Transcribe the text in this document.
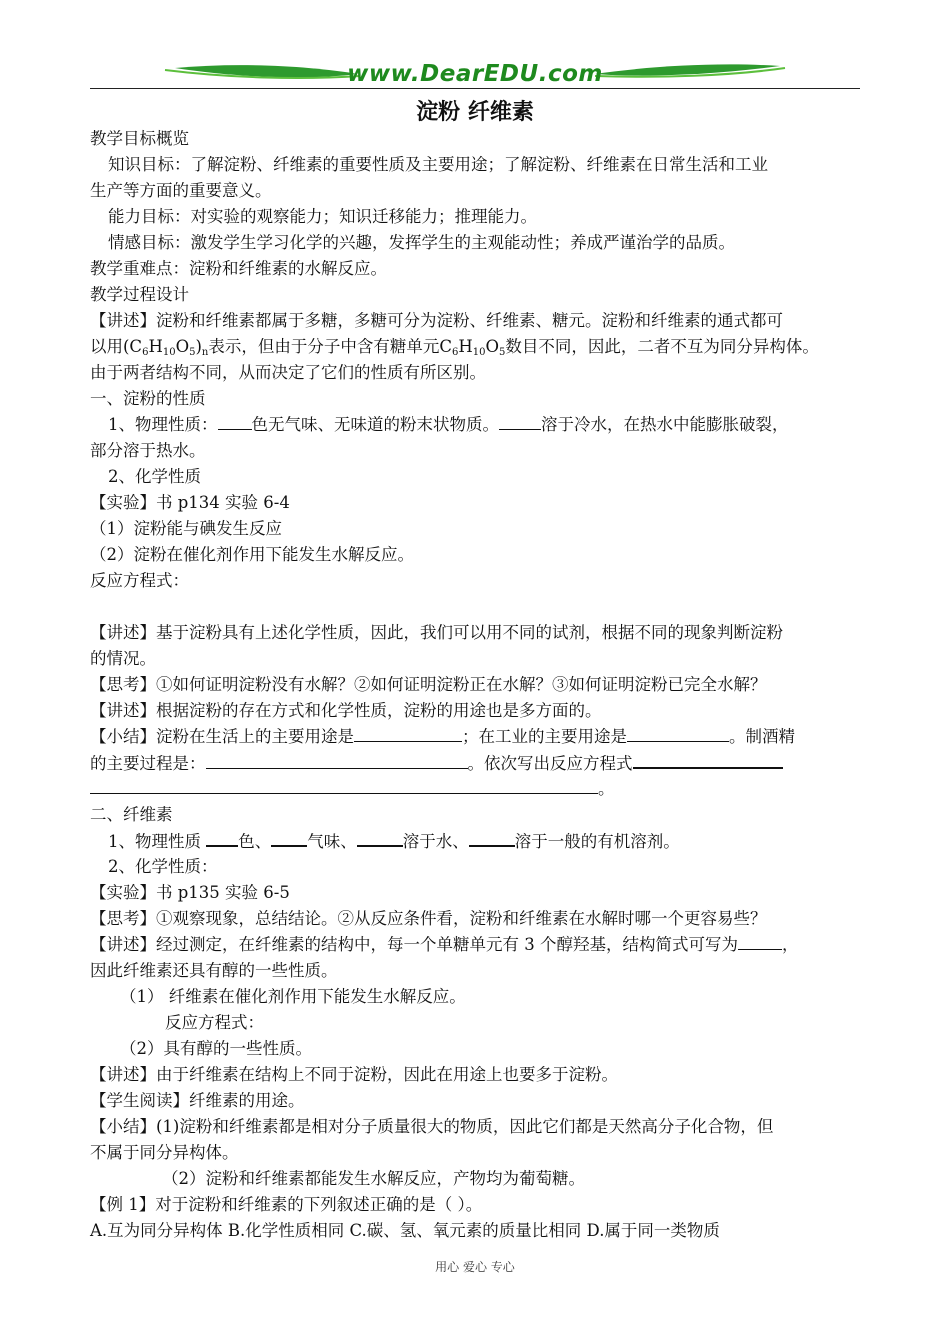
www.DearEDU.com
淀粉 纤维素
教学目标概览
知识目标：了解淀粉、纤维素的重要性质及主要用途；了解淀粉、纤维素在日常生活和工业
生产等方面的重要意义。
能力目标：对实验的观察能力；知识迁移能力；推理能力。
情感目标：激发学生学习化学的兴趣，发挥学生的主观能动性；养成严谨治学的品质。
教学重难点：淀粉和纤维素的水解反应。
教学过程设计
【讲述】淀粉和纤维素都属于多糖，多糖可分为淀粉、纤维素、糖元。淀粉和纤维素的通式都可
以用$(C_6H_{10}O_5)_n$表示，但由于分子中含有糖单元$C_6H_{10}O_5$数目不同，因此，二者不互为同分异构体。
由于两者结构不同，从而决定了它们的性质有所区别。
一、淀粉的性质
1、物理性质： 色无气味、无味道的粉末状物质。	溶于冷水，在热水中能膨胀破裂，
部分溶于热水。
2、化学性质
【实验】书 p134 实验 6-4
（1）淀粉能与碘发生反应
（2）淀粉在催化剂作用下能发生水解反应。
反应方程式：
【讲述】基于淀粉具有上述化学性质，因此，我们可以用不同的试剂，根据不同的现象判断淀粉
的情况。
【思考】①如何证明淀粉没有水解？②如何证明淀粉正在水解？③如何证明淀粉已完全水解？
【讲述】根据淀粉的存在方式和化学性质，淀粉的用途也是多方面的。
【小结】淀粉在生活上的主要用途是	；在工业的主要用途是	。制酒精
的主要过程是：	。依次写出反应方程式
。
二、纤维素
1、物理性质 色、 气味、	溶于水、	溶于一般的有机溶剂。
2、化学性质：
【实验】书 p135 实验 6-5
【思考】①观察现象，总结结论。②从反应条件看，淀粉和纤维素在水解时哪一个更容易些？
【讲述】经过测定，在纤维素的结构中，每一个单糖单元有 3 个醇羟基，结构简式可写为	，
因此纤维素还具有醇的一些性质。
（1） 纤维素在催化剂作用下能发生水解反应。
反应方程式：
（2）具有醇的一些性质。
【讲述】由于纤维素在结构上不同于淀粉，因此在用途上也要多于淀粉。
【学生阅读】纤维素的用途。
【小结】(1)淀粉和纤维素都是相对分子质量很大的物质，因此它们都是天然高分子化合物，但
不属于同分异构体。
（2）淀粉和纤维素都能发生水解反应，产物均为葡萄糖。
【例 1】对于淀粉和纤维素的下列叙述正确的是（ ）。
A.互为同分异构体 B.化学性质相同 C.碳、氢、氧元素的质量比相同 D.属于同一类物质
用心 爱心 专心
